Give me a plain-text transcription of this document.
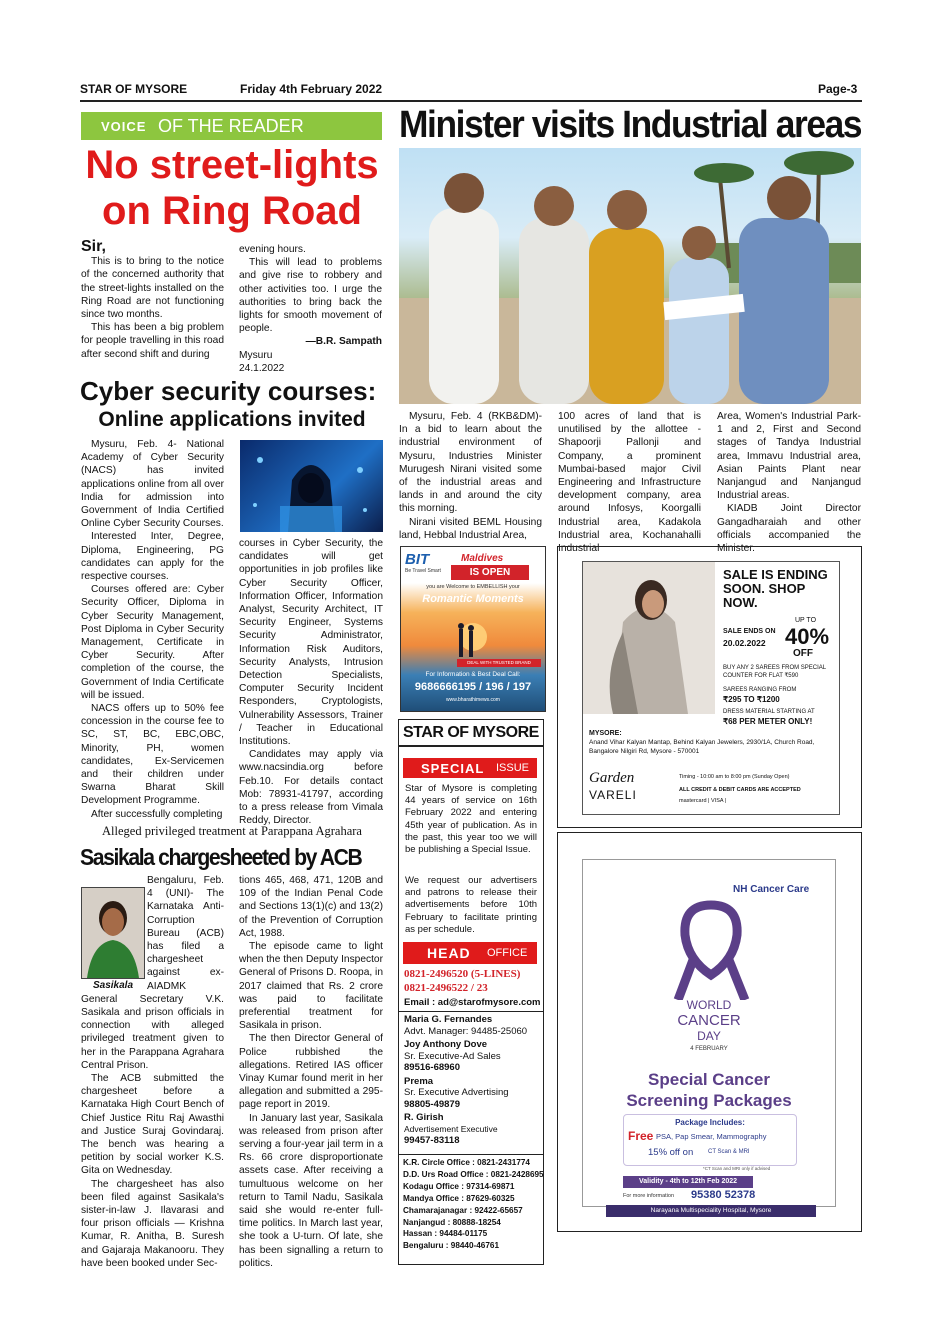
STAR OF MYSORE	Friday 4th February 2022	Page-3
VOICE OF THE READER
No street-lights
on Ring Road

Sir,

This is to bring to the notice of the concerned authority that the street-lights installed on the Ring Road are not functioning since two months.

This has been a big problem for people travelling in this road after second shift and during

evening hours.

This will lead to problems and give rise to robbery and other activities too. I urge the authorities to bring back the lights for smooth movement of people.

—B.R. Sampath

Mysuru

24.1.2022

Minister visits Industrial areas

Mysuru, Feb. 4 (RKB&DM)- In a bid to learn about the industrial environment of Mysuru, Industries Minister Murugesh Nirani visited some of the industrial areas and lands in and around the city this morning.

Nirani visited BEML Housing land, Hebbal Industrial Area,

100 acres of land that is unutilised by the allottee - Shapoorji Pallonji and Company, a prominent Mumbai-based major Civil Engineering and Infrastructure development company, area around Infosys, Koorgalli Industrial area, Kadakola Industrial area, Kochanahalli Industrial

Area, Women's Industrial Park-1 and 2, First and Second stages of Tandya Industrial area, Immavu Industrial area, Asian Paints Plant near Nanjangud and Nanjangud Industrial areas.

KIADB Joint Director Gangadharaiah and other officials accompanied the Minister.

Cyber security courses:
Online applications invited

Mysuru, Feb. 4- National Academy of Cyber Security (NACS) has invited applications online from all over India for admission into Government of India Certified Online Cyber Security Courses.

Interested Inter, Degree, Diploma, Engineering, PG candidates can apply for the respective courses.

Courses offered are: Cyber Security Officer, Diploma in Cyber Security Management, Post Diploma in Cyber Security Management, Certificate in Cyber Security. After completion of the course, the Government of India Certificate will be issued.

NACS offers up to 50% fee concession in the course fee to SC, ST, BC, EBC,OBC, Minority, PH, women candidates, Ex-Servicemen and their children under Swarna Bharat Skill Development Programme.

After successfully completing

courses in Cyber Security, the candidates will get opportunities in job profiles like Cyber Security Officer, Information Officer, Information Analyst, Security Architect, IT Security Engineer, Systems Security Administrator, Information Risk Auditors, Security Analysts, Intrusion Detection Specialists, Computer Security Incident Responders, Cryptologists, Vulnerability Assessors, Trainer / Teacher in Educational Institutions.

Candidates may apply via www.nacsindia.org before Feb.10. For details contact Mob: 78931-41797, according to a press release from Vimala Reddy, Director.

Alleged privileged treatment at Parappana Agrahara
Sasikala chargesheeted by ACB
Sasikala

Bengaluru, Feb. 4 (UNI)- The Karnataka Anti-Corruption Bureau (ACB) has filed a chargesheet against ex-AIADMK

General Secretary V.K. Sasikala and prison officials in connection with alleged privileged treatment given to her in the Parappana Agrahara Central Prison.

The ACB submitted the chargesheet before a Karnataka High Court Bench of Chief Justice Ritu Raj Awasthi and Justice Suraj Govindaraj. The bench was hearing a petition by social worker K.S. Gita on Wednesday.

The chargesheet has also been filed against Sasikala's sister-in-law J. Ilavarasi and four prison officials — Krishna Kumar, R. Anitha, B. Suresh and Gajaraja Makanooru. They have been booked under Sec-

tions 465, 468, 471, 120B and 109 of the Indian Penal Code and Sections 13(1)(c) and 13(2) of the Prevention of Corruption Act, 1988.

The episode came to light when the then Deputy Inspector General of Prisons D. Roopa, in 2017 claimed that Rs. 2 crore was paid to facilitate preferential treatment for Sasikala in prison.

The then Director General of Police rubbished the allegations. Retired IAS officer Vinay Kumar found merit in her allegation and submitted a 295-page report in 2019.

In January last year, Sasikala was released from prison after serving a four-year jail term in a Rs. 66 crore disproportionate assets case. After receiving a tumultuous welcome on her return to Tamil Nadu, Sasikala said she would re-enter full-time politics. In March last year, she took a U-turn. Of late, she has been signalling a return to politics.

BIT
Be Travel Smart
Maldives
IS OPEN
you are Welcome to EMBELLISH your
Romantic Moments
DEAL WITH TRUSTED BRAND
For Information & Best Deal Call:
9686666195 / 196 / 197
www.bharathimews.com
STAR OF MYSORE
SPECIAL ISSUE
Star of Mysore is completing 44 years of service on 16th February 2022 and entering 45th year of publication. As in the past, this year too we will be publishing a Special Issue.
We request our advertisers and patrons to release their advertisements before 10th February to facilitate printing as per schedule.
HEAD OFFICE
0821-2496520 (5-LINES)
0821-2496522 / 23
Email : ad@starofmysore.com
Maria G. Fernandes
Advt. Manager: 94485-25060
Joy Anthony Dove
Sr. Executive-Ad Sales
89516-68960
Prema
Sr. Executive Advertising
98805-49879
R. Girish
Advertisement Executive
99457-83118
K.R. Circle Office : 0821-2431774
D.D. Urs Road Office : 0821-2428695
Kodagu Office : 97314-69871
Mandya Office : 87629-60325
Chamarajanagar : 92422-65657
Nanjangud : 80888-18254
Hassan : 94484-01175
Bengaluru : 98440-46761
SALE IS ENDING SOON. SHOP NOW.
SALE ENDS ON
20.02.2022
UP TO
40%
OFF
BUY ANY 2 SAREES FROM SPECIAL COUNTER FOR FLAT ₹590
SAREES RANGING FROM
₹295 TO ₹1200
DRESS MATERIAL STARTING AT
₹68 PER METER ONLY!
MYSORE:
Anand Vihar Kalyan Mantap, Behind Kalyan Jewelers, 2930/1A, Church Road, Bangalore Nilgiri Rd, Mysore - 570001
Garden
VARELI
Timing - 10:00 am to 8:00 pm (Sunday Open)
ALL CREDIT & DEBIT CARDS ARE ACCEPTED
mastercard | VISA |
NH Cancer Care
WORLD
CANCER
DAY
4 FEBRUARY
Special Cancer
Screening Packages
Package Includes:
Free PSA, Pap Smear, Mammography
15% off on CT Scan & MRI
*CT Scan and MRI only if advised
Validity - 4th to 12th Feb 2022
For more information 95380 52378
Narayana Multispeciality Hospital, Mysore
